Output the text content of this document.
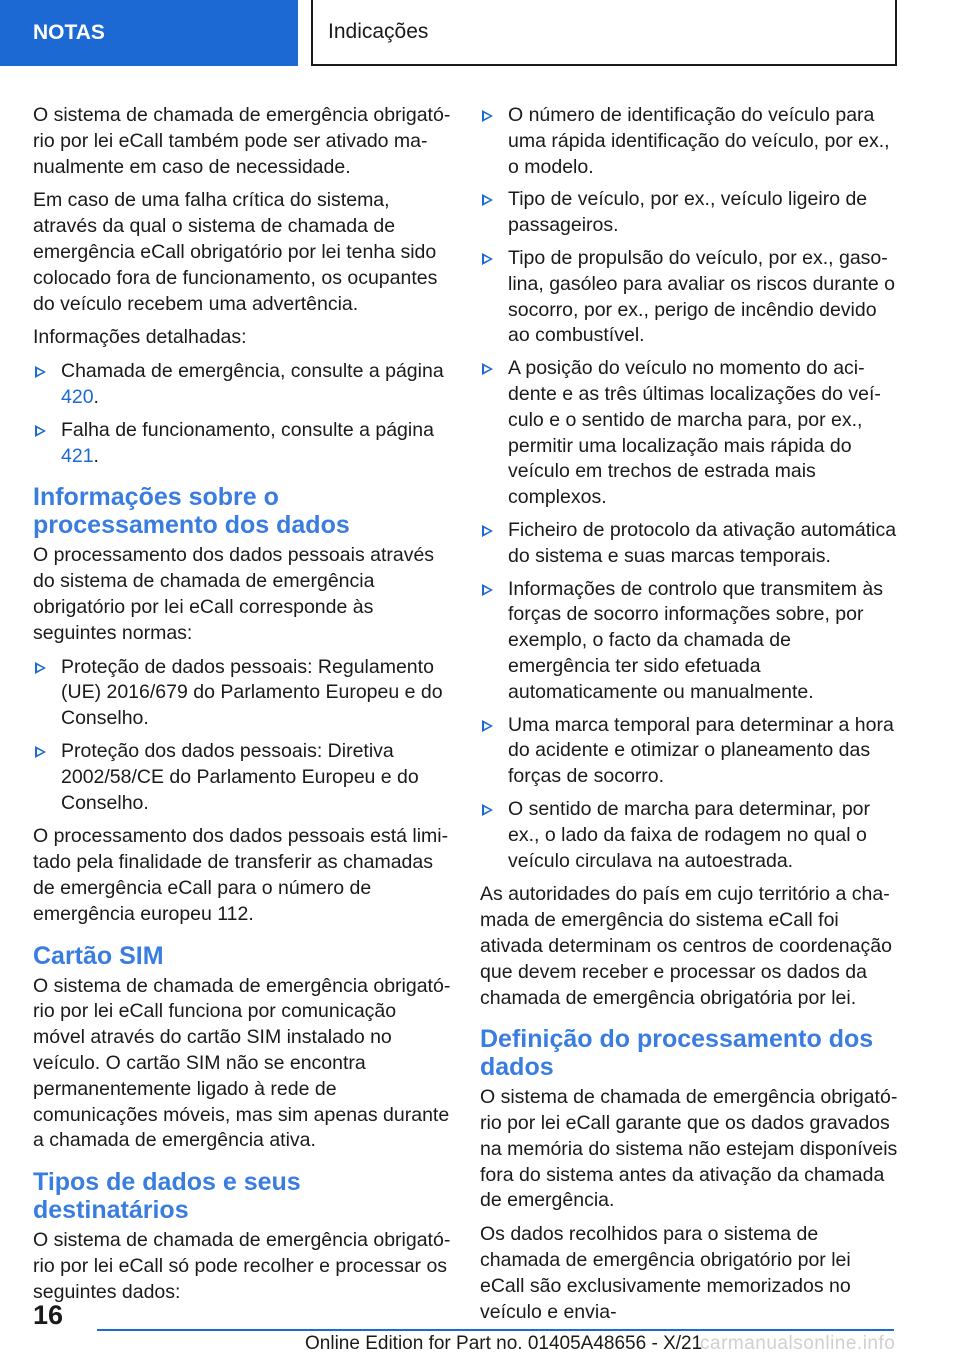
NOTAS	Indicações

O sistema de chamada de emergência obrigatório por lei eCall também pode ser ativado manualmente em caso de necessidade.

Em caso de uma falha crítica do sistema, através da qual o sistema de chamada de emergência eCall obrigatório por lei tenha sido colocado fora de funcionamento, os ocupantes do veículo recebem uma advertência.

Informações detalhadas:

Chamada de emergência, consulte a página 420.
Falha de funcionamento, consulte a página 421.
Informações sobre o processamento dos dados

O processamento dos dados pessoais através do sistema de chamada de emergência obrigatório por lei eCall corresponde às seguintes normas:

Proteção de dados pessoais: Regulamento (UE) 2016/679 do Parlamento Europeu e do Conselho.
Proteção dos dados pessoais: Diretiva 2002/58/CE do Parlamento Europeu e do Conselho.

O processamento dos dados pessoais está limitado pela finalidade de transferir as chamadas de emergência eCall para o número de emergência europeu 112.

Cartão SIM

O sistema de chamada de emergência obrigatório por lei eCall funciona por comunicação móvel através do cartão SIM instalado no veículo. O cartão SIM não se encontra permanentemente ligado à rede de comunicações móveis, mas sim apenas durante a chamada de emergência ativa.

Tipos de dados e seus destinatários

O sistema de chamada de emergência obrigatório por lei eCall só pode recolher e processar os seguintes dados:

O número de identificação do veículo para uma rápida identificação do veículo, por ex., o modelo.
Tipo de veículo, por ex., veículo ligeiro de passageiros.
Tipo de propulsão do veículo, por ex., gasolina, gasóleo para avaliar os riscos durante o socorro, por ex., perigo de incêndio devido ao combustível.
A posição do veículo no momento do acidente e as três últimas localizações do veículo e o sentido de marcha para, por ex., permitir uma localização mais rápida do veículo em trechos de estrada mais complexos.
Ficheiro de protocolo da ativação automática do sistema e suas marcas temporais.
Informações de controlo que transmitem às forças de socorro informações sobre, por exemplo, o facto da chamada de emergência ter sido efetuada automaticamente ou manualmente.
Uma marca temporal para determinar a hora do acidente e otimizar o planeamento das forças de socorro.
O sentido de marcha para determinar, por ex., o lado da faixa de rodagem no qual o veículo circulava na autoestrada.

As autoridades do país em cujo território a chamada de emergência do sistema eCall foi ativada determinam os centros de coordenação que devem receber e processar os dados da chamada de emergência obrigatória por lei.

Definição do processamento dos dados

O sistema de chamada de emergência obrigatório por lei eCall garante que os dados gravados na memória do sistema não estejam disponíveis fora do sistema antes da ativação da chamada de emergência.

Os dados recolhidos para o sistema de chamada de emergência obrigatório por lei eCall são exclusivamente memorizados no veículo e envia-

16
Online Edition for Part no. 01405A48656 - X/21
carmanualsonline.info
